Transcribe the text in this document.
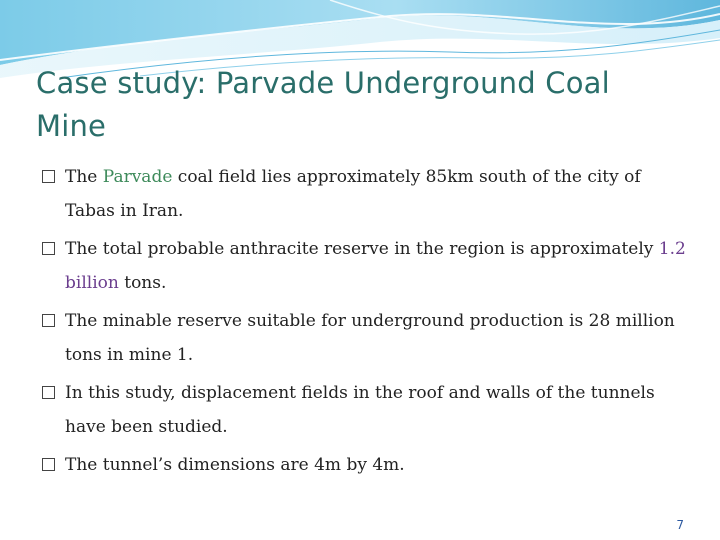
Case study: Parvade Underground Coal Mine
The Parvade coal field lies approximately 85km south of the city of Tabas in Iran.
The total probable anthracite reserve in the region is approximately 1.2 billion tons.
The minable reserve suitable for underground production is 28 million tons in mine 1.
In this study, displacement fields in the roof and walls of the tunnels have been studied.
The tunnel’s dimensions are 4m by 4m.
7
